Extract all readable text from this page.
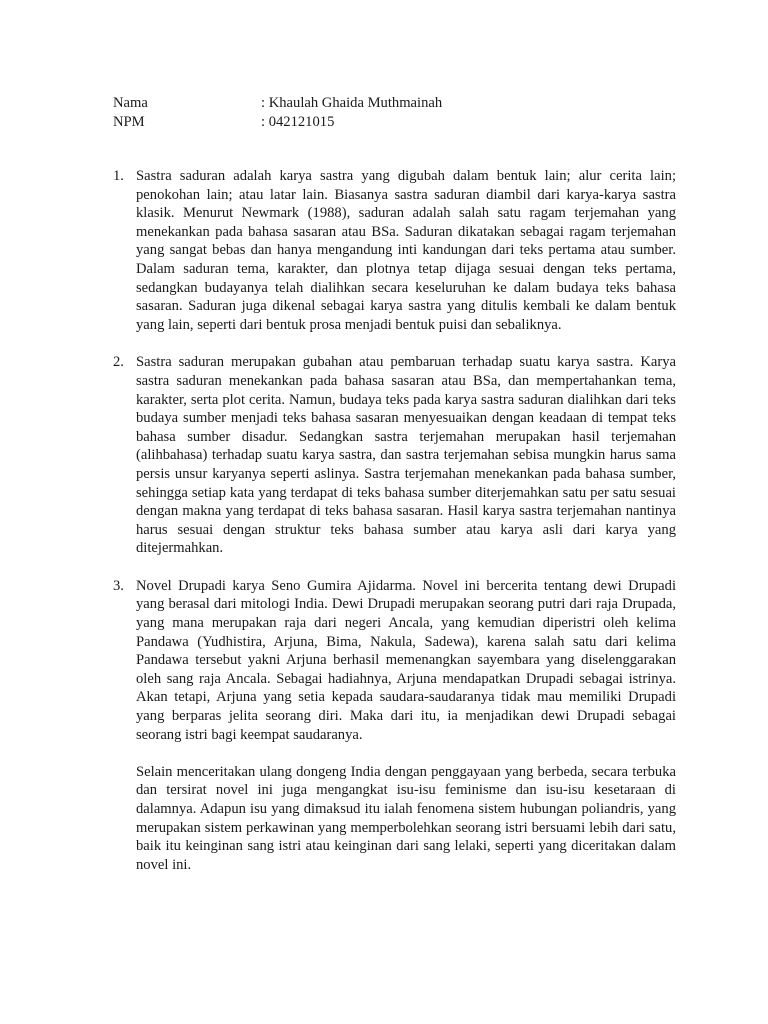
Nama	: Khaulah Ghaida Muthmainah
NPM	: 042121015
1. Sastra saduran adalah karya sastra yang digubah dalam bentuk lain; alur cerita lain; penokohan lain; atau latar lain. Biasanya sastra saduran diambil dari karya-karya sastra klasik. Menurut Newmark (1988), saduran adalah salah satu ragam terjemahan yang menekankan pada bahasa sasaran atau BSa. Saduran dikatakan sebagai ragam terjemahan yang sangat bebas dan hanya mengandung inti kandungan dari teks pertama atau sumber. Dalam saduran tema, karakter, dan plotnya tetap dijaga sesuai dengan teks pertama, sedangkan budayanya telah dialihkan secara keseluruhan ke dalam budaya teks bahasa sasaran. Saduran juga dikenal sebagai karya sastra yang ditulis kembali ke dalam bentuk yang lain, seperti dari bentuk prosa menjadi bentuk puisi dan sebaliknya.

2. Sastra saduran merupakan gubahan atau pembaruan terhadap suatu karya sastra. Karya sastra saduran menekankan pada bahasa sasaran atau BSa, dan mempertahankan tema, karakter, serta plot cerita. Namun, budaya teks pada karya sastra saduran dialihkan dari teks budaya sumber menjadi teks bahasa sasaran menyesuaikan dengan keadaan di tempat teks bahasa sumber disadur. Sedangkan sastra terjemahan merupakan hasil terjemahan (alihbahasa) terhadap suatu karya sastra, dan sastra terjemahan sebisa mungkin harus sama persis unsur karyanya seperti aslinya. Sastra terjemahan menekankan pada bahasa sumber, sehingga setiap kata yang terdapat di teks bahasa sumber diterjemahkan satu per satu sesuai dengan makna yang terdapat di teks bahasa sasaran. Hasil karya sastra terjemahan nantinya harus sesuai dengan struktur teks bahasa sumber atau karya asli dari karya yang ditejermahkan.

3. Novel Drupadi karya Seno Gumira Ajidarma. Novel ini bercerita tentang dewi Drupadi yang berasal dari mitologi India. Dewi Drupadi merupakan seorang putri dari raja Drupada, yang mana merupakan raja dari negeri Ancala, yang kemudian diperistri oleh kelima Pandawa (Yudhistira, Arjuna, Bima, Nakula, Sadewa), karena salah satu dari kelima Pandawa tersebut yakni Arjuna berhasil memenangkan sayembara yang diselenggarakan oleh sang raja Ancala. Sebagai hadiahnya, Arjuna mendapatkan Drupadi sebagai istrinya. Akan tetapi, Arjuna yang setia kepada saudara-saudaranya tidak mau memiliki Drupadi yang berparas jelita seorang diri. Maka dari itu, ia menjadikan dewi Drupadi sebagai seorang istri bagi keempat saudaranya.

Selain menceritakan ulang dongeng India dengan penggayaan yang berbeda, secara terbuka dan tersirat novel ini juga mengangkat isu-isu feminisme dan isu-isu kesetaraan di dalamnya. Adapun isu yang dimaksud itu ialah fenomena sistem hubungan poliandris, yang merupakan sistem perkawinan yang memperbolehkan seorang istri bersuami lebih dari satu, baik itu keinginan sang istri atau keinginan dari sang lelaki, seperti yang diceritakan dalam novel ini.
